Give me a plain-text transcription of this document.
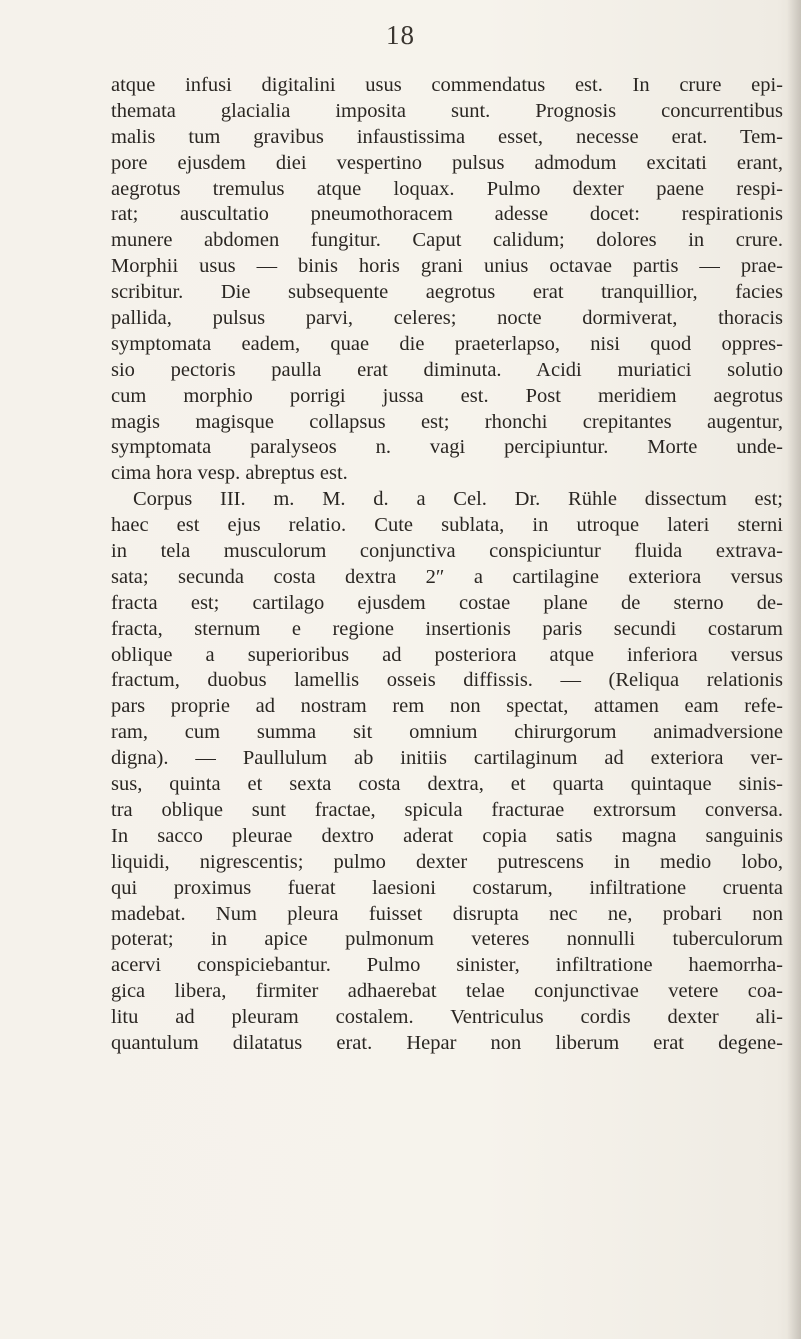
18
atque infusi digitalini usus commendatus est. In crure epi-
themata glacialia imposita sunt. Prognosis concurrentibus
malis tum gravibus infaustissima esset, necesse erat. Tem-
pore ejusdem diei vespertino pulsus admodum excitati erant,
aegrotus tremulus atque loquax. Pulmo dexter paene respi-
rat; auscultatio pneumothoracem adesse docet: respirationis
munere abdomen fungitur. Caput calidum; dolores in crure.
Morphii usus — binis horis grani unius octavae partis — prae-
scribitur. Die subsequente aegrotus erat tranquillior, facies
pallida, pulsus parvi, celeres; nocte dormiverat, thoracis
symptomata eadem, quae die praeterlapso, nisi quod oppres-
sio pectoris paulla erat diminuta. Acidi muriatici solutio
cum morphio porrigi jussa est. Post meridiem aegrotus
magis magisque collapsus est; rhonchi crepitantes augentur,
symptomata paralyseos n. vagi percipiuntur. Morte unde-
cima hora vesp. abreptus est.
Corpus III. m. M. d. a Cel. Dr. Rühle dissectum est;
haec est ejus relatio. Cute sublata, in utroque lateri sterni
in tela musculorum conjunctiva conspiciuntur fluida extrava-
sata; secunda costa dextra 2″ a cartilagine exteriora versus
fracta est; cartilago ejusdem costae plane de sterno de-
fracta, sternum e regione insertionis paris secundi costarum
oblique a superioribus ad posteriora atque inferiora versus
fractum, duobus lamellis osseis diffissis. — (Reliqua relationis
pars proprie ad nostram rem non spectat, attamen eam refe-
ram, cum summa sit omnium chirurgorum animadversione
digna). — Paullulum ab initiis cartilaginum ad exteriora ver-
sus, quinta et sexta costa dextra, et quarta quintaque sinis-
tra oblique sunt fractae, spicula fracturae extrorsum conversa.
In sacco pleurae dextro aderat copia satis magna sanguinis
liquidi, nigrescentis; pulmo dexter putrescens in medio lobo,
qui proximus fuerat laesioni costarum, infiltratione cruenta
madebat. Num pleura fuisset disrupta nec ne, probari non
poterat; in apice pulmonum veteres nonnulli tuberculorum
acervi conspiciebantur. Pulmo sinister, infiltratione haemorrha-
gica libera, firmiter adhaerebat telae conjunctivae vetere coa-
litu ad pleuram costalem. Ventriculus cordis dexter ali-
quantulum dilatatus erat. Hepar non liberum erat degene-
